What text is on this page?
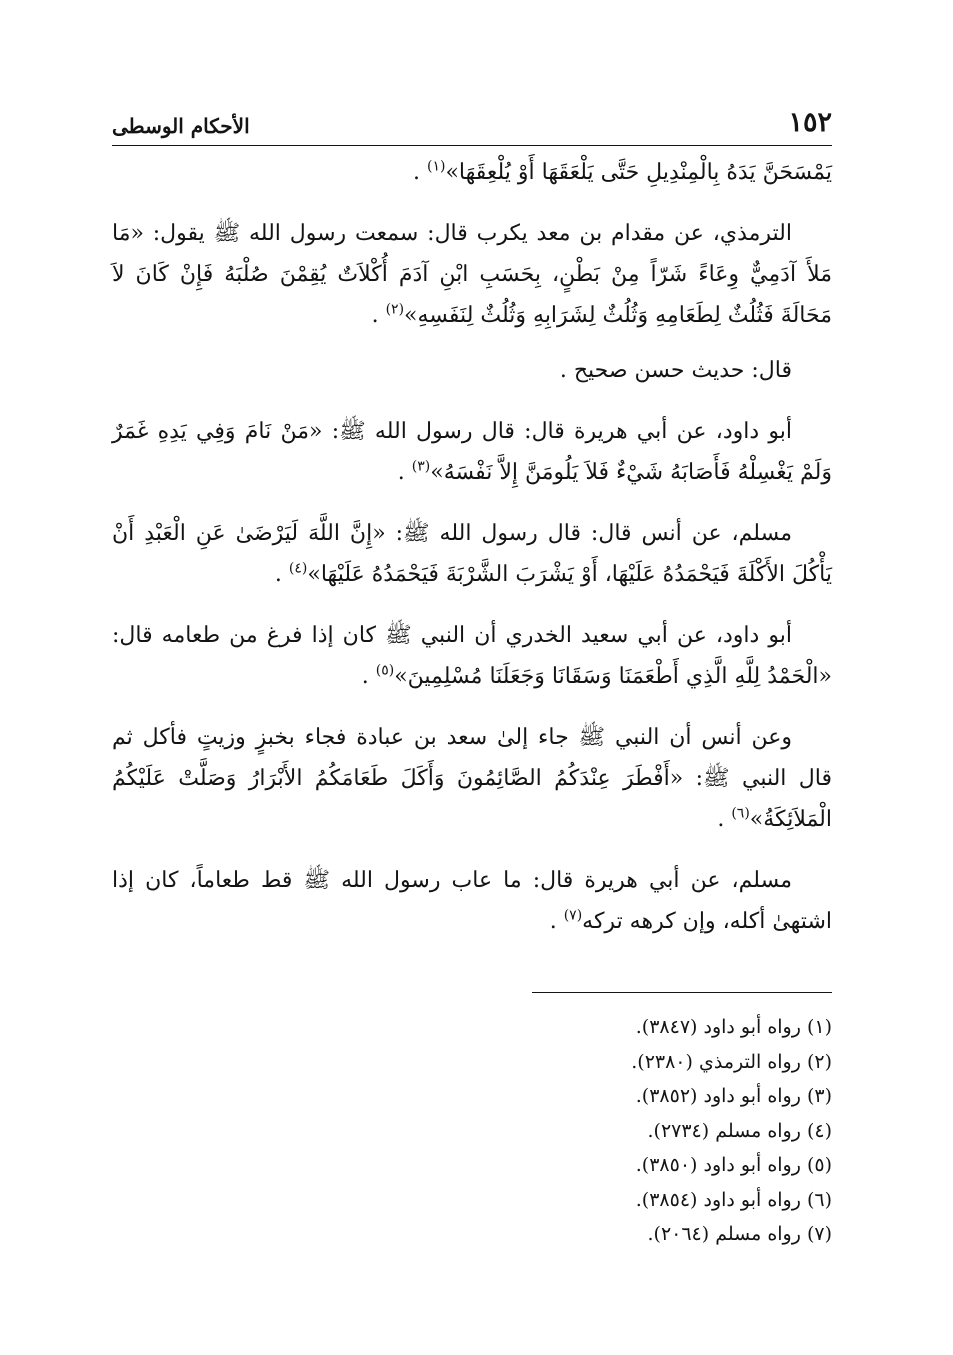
١٥٢
الأحكام الوسطى

يَمْسَحَنَّ يَدَهُ بِالْمِنْدِيلِ حَتَّى يَلْعَقَهَا أَوْ يُلْعِقَهَا»$^{(١)}$ .

الترمذي، عن مقدام بن معد يكرب قال: سمعت رسول الله ﷺ يقول: «مَا مَلأَ آدَمِيٌّ وِعَاءً شَرّاً مِنْ بَطْنٍ، بِحَسَبِ ابْنِ آدَمَ أُكْلاَتٌ يُقِمْنَ صُلْبَهُ فَإِنْ كَانَ لاَ مَحَالَةَ فَثُلُثٌ لِطَعَامِهِ وَثُلُثٌ لِشَرَابِهِ وَثُلُثٌ لِنَفَسِهِ»$^{(٢)}$ .

قال: حديث حسن صحيح .

أبو داود، عن أبي هريرة قال: قال رسول الله ﷺ: «مَنْ نَامَ وَفِي يَدِهِ غَمَرٌ وَلَمْ يَغْسِلْهُ فَأَصَابَهُ شَيْءٌ فَلاَ يَلُومَنَّ إِلاَّ نَفْسَهُ»$^{(٣)}$ .

مسلم، عن أنس قال: قال رسول الله ﷺ: «إِنَّ اللَّهَ لَيَرْضَىٰ عَنِ الْعَبْدِ أَنْ يَأْكُلَ الأَكْلَةَ فَيَحْمَدُهُ عَلَيْهَا، أَوْ يَشْرَبَ الشَّرْبَةَ فَيَحْمَدُهُ عَلَيْهَا»$^{(٤)}$ .

أبو داود، عن أبي سعيد الخدري أن النبي ﷺ كان إذا فرغ من طعامه قال: «الْحَمْدُ لِلَّهِ الَّذِي أَطْعَمَنَا وَسَقَانَا وَجَعَلَنَا مُسْلِمِينَ»$^{(٥)}$ .

وعن أنس أن النبي ﷺ جاء إلىٰ سعد بن عبادة فجاء بخبزٍ وزيتٍ فأكل ثم قال النبي ﷺ: «أَفْطَرَ عِنْدَكُمُ الصَّائِمُونَ وَأَكَلَ طَعَامَكُمُ الأَبْرَارُ وَصَلَّتْ عَلَيْكُمُ الْمَلاَئِكَةُ»$^{(٦)}$ .

مسلم، عن أبي هريرة قال: ما عاب رسول الله ﷺ قط طعاماً، كان إذا اشتهىٰ أكله، وإن كرهه تركه$^{(٧)}$ .

(١) رواه أبو داود (٣٨٤٧).
(٢) رواه الترمذي (٢٣٨٠).
(٣) رواه أبو داود (٣٨٥٢).
(٤) رواه مسلم (٢٧٣٤).
(٥) رواه أبو داود (٣٨٥٠).
(٦) رواه أبو داود (٣٨٥٤).
(٧) رواه مسلم (٢٠٦٤).
